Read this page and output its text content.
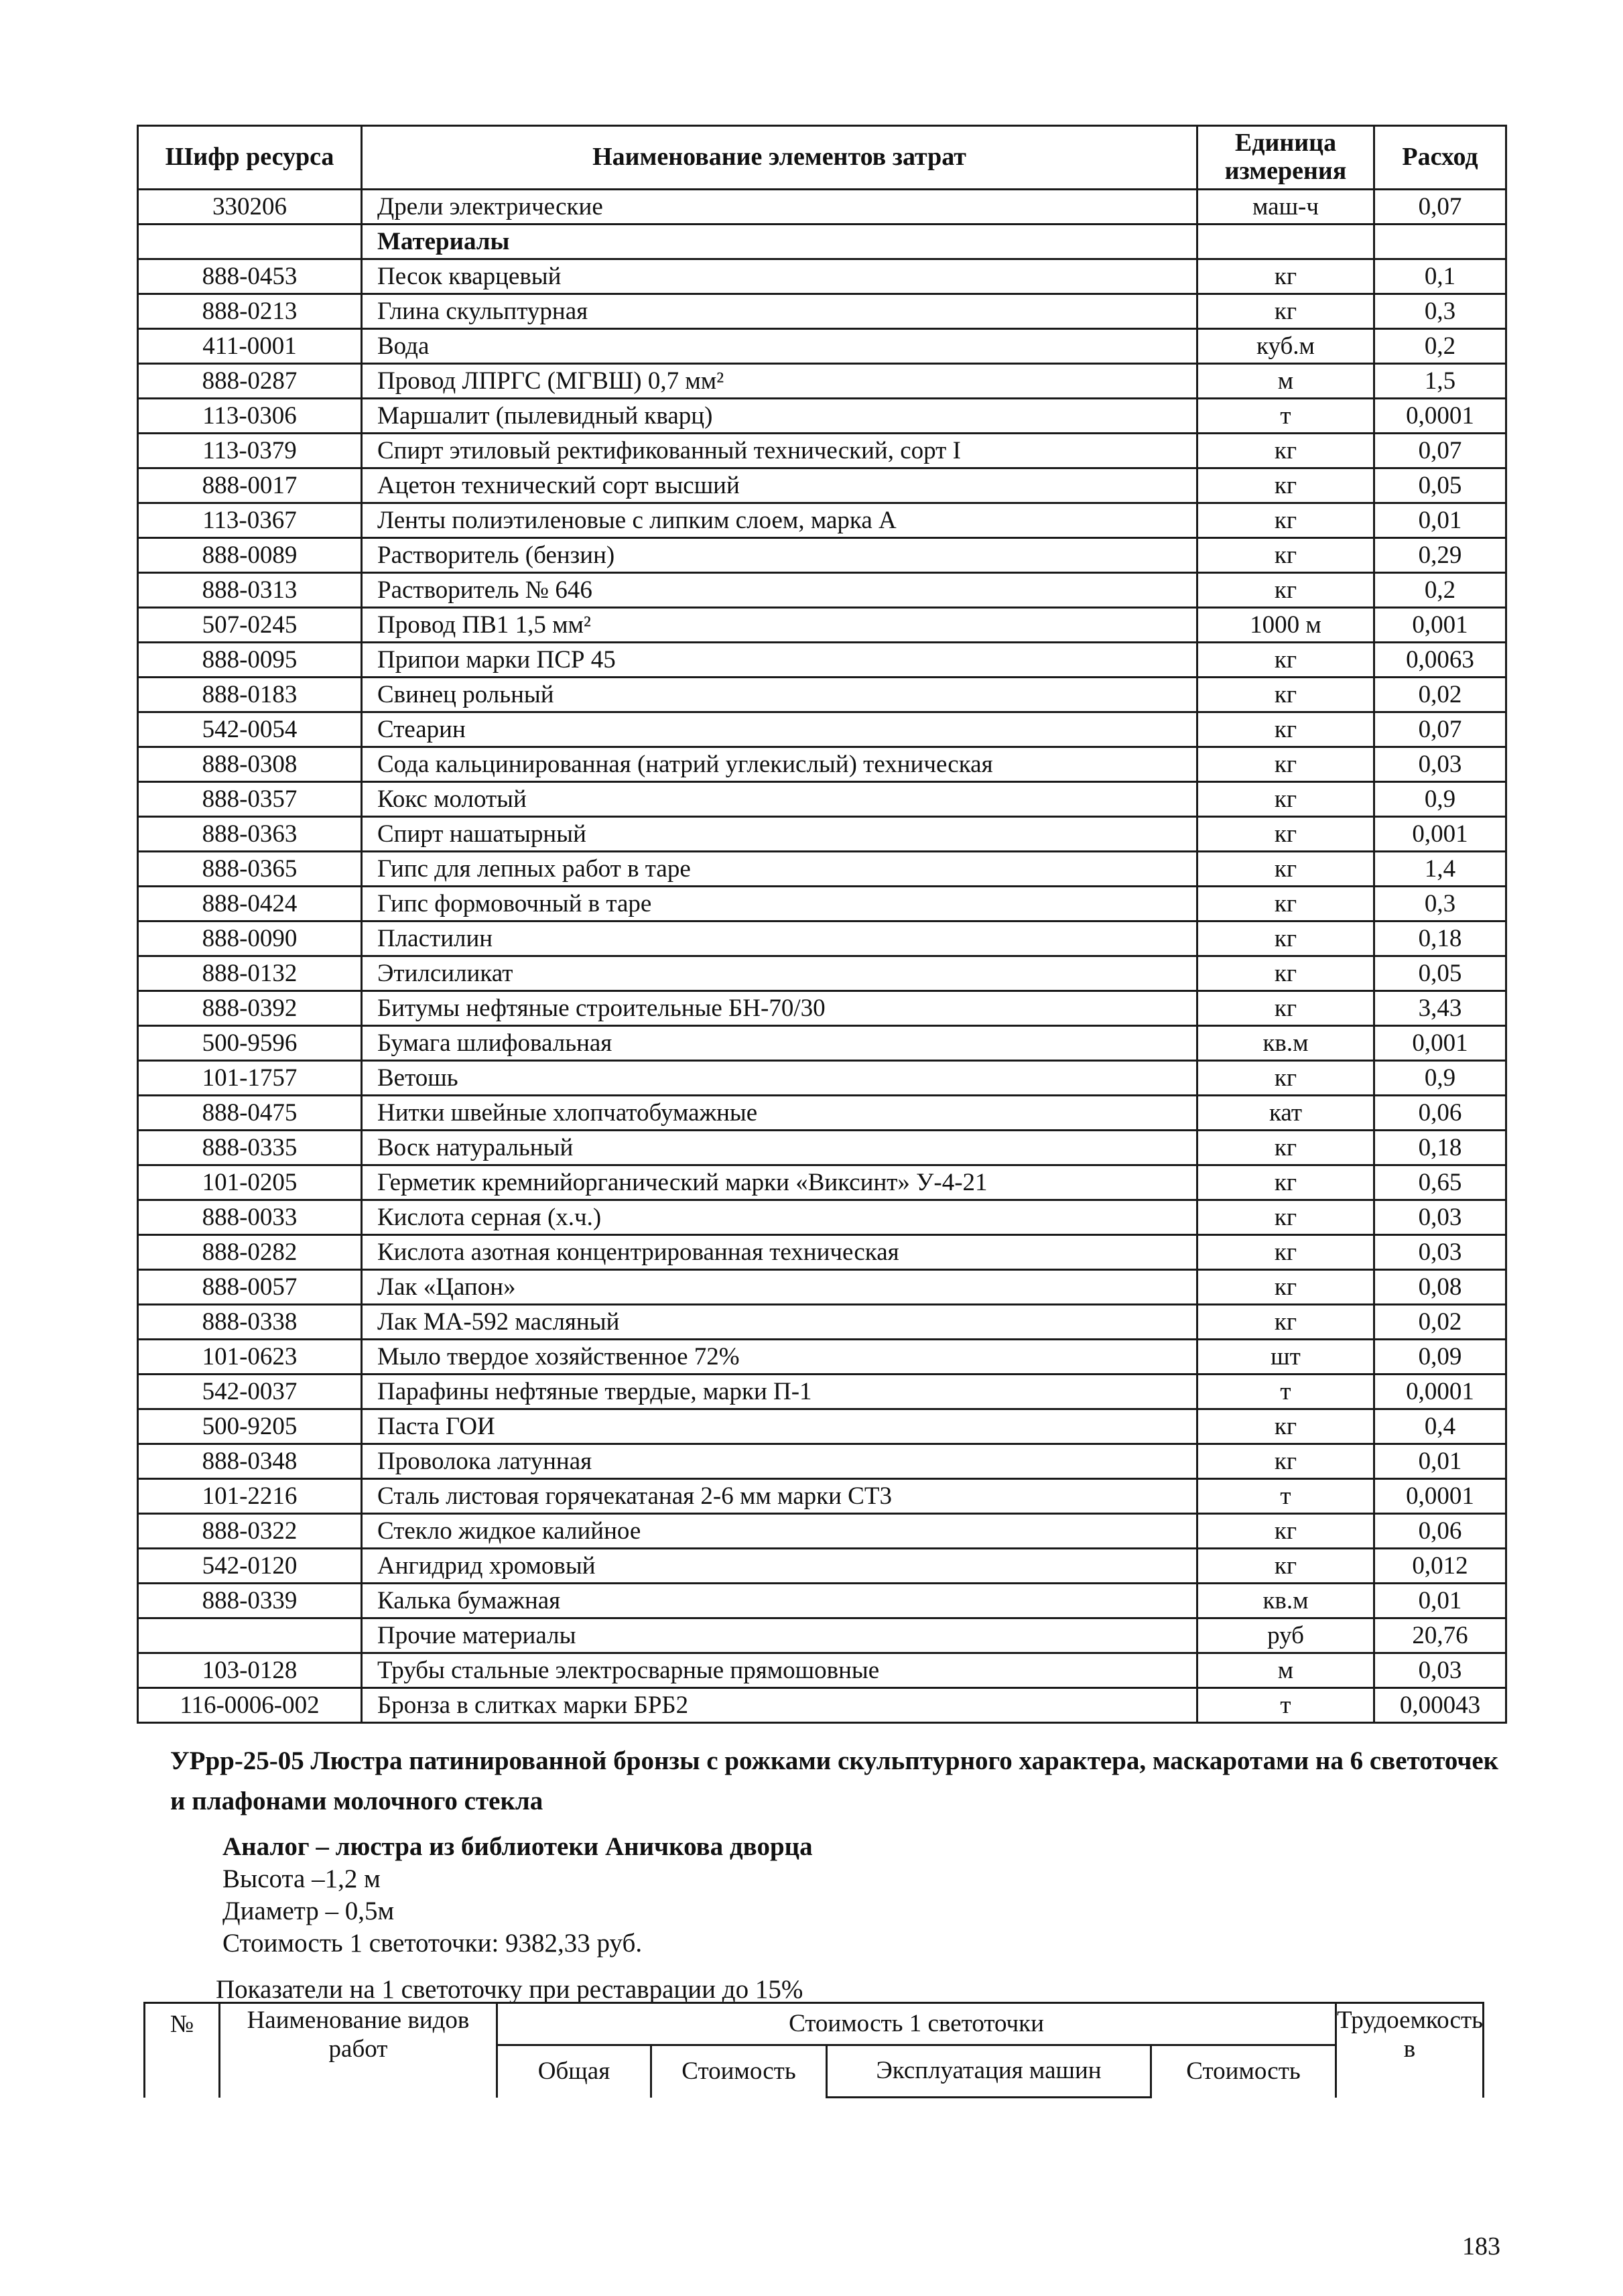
Шифр ресурса	Наименование элементов затрат	Единица измерения	Расход
330206	Дрели электрические	маш-ч	0,07
	Материалы		
888-0453	Песок кварцевый	кг	0,1
888-0213	Глина скульптурная	кг	0,3
411-0001	Вода	куб.м	0,2
888-0287	Провод ЛПРГС (МГВШ) 0,7 мм²	м	1,5
113-0306	Маршалит (пылевидный кварц)	т	0,0001
113-0379	Спирт этиловый ректификованный технический, сорт I	кг	0,07
888-0017	Ацетон технический сорт высший	кг	0,05
113-0367	Ленты полиэтиленовые с липким слоем, марка А	кг	0,01
888-0089	Растворитель (бензин)	кг	0,29
888-0313	Растворитель № 646	кг	0,2
507-0245	Провод ПВ1 1,5 мм²	1000 м	0,001
888-0095	Припои марки ПСР 45	кг	0,0063
888-0183	Свинец рольный	кг	0,02
542-0054	Стеарин	кг	0,07
888-0308	Сода кальцинированная (натрий углекислый) техническая	кг	0,03
888-0357	Кокс молотый	кг	0,9
888-0363	Спирт нашатырный	кг	0,001
888-0365	Гипс для лепных работ в таре	кг	1,4
888-0424	Гипс формовочный в таре	кг	0,3
888-0090	Пластилин	кг	0,18
888-0132	Этилсиликат	кг	0,05
888-0392	Битумы нефтяные строительные БН-70/30	кг	3,43
500-9596	Бумага шлифовальная	кв.м	0,001
101-1757	Ветошь	кг	0,9
888-0475	Нитки швейные хлопчатобумажные	кат	0,06
888-0335	Воск натуральный	кг	0,18
101-0205	Герметик кремнийорганический марки «Виксинт» У-4-21	кг	0,65
888-0033	Кислота серная (х.ч.)	кг	0,03
888-0282	Кислота азотная концентрированная техническая	кг	0,03
888-0057	Лак «Цапон»	кг	0,08
888-0338	Лак МА-592 масляный	кг	0,02
101-0623	Мыло твердое хозяйственное 72%	шт	0,09
542-0037	Парафины нефтяные твердые, марки П-1	т	0,0001
500-9205	Паста ГОИ	кг	0,4
888-0348	Проволока латунная	кг	0,01
101-2216	Сталь листовая горячекатаная 2-6 мм марки СТ3	т	0,0001
888-0322	Стекло жидкое калийное	кг	0,06
542-0120	Ангидрид хромовый	кг	0,012
888-0339	Калька бумажная	кв.м	0,01
	Прочие материалы	руб	20,76
103-0128	Трубы стальные электросварные прямошовные	м	0,03
116-0006-002	Бронза в слитках марки БРБ2	т	0,00043
УРрр-25-05 Люстра патинированной бронзы с рожками скульптурного характера, маскаротами на 6 светоточек и плафонами молочного стекла
Аналог – люстра из библиотеки Аничкова дворца
Высота –1,2 м
Диаметр – 0,5м
Стоимость 1 светоточки: 9382,33 руб.
Показатели на 1 светоточку при реставрации до 15%
№	Наименование видов работ	Стоимость 1 светоточки				Трудоемкость в
		Общая	Стоимость	Эксплуатация машин	Стоимость	
183
